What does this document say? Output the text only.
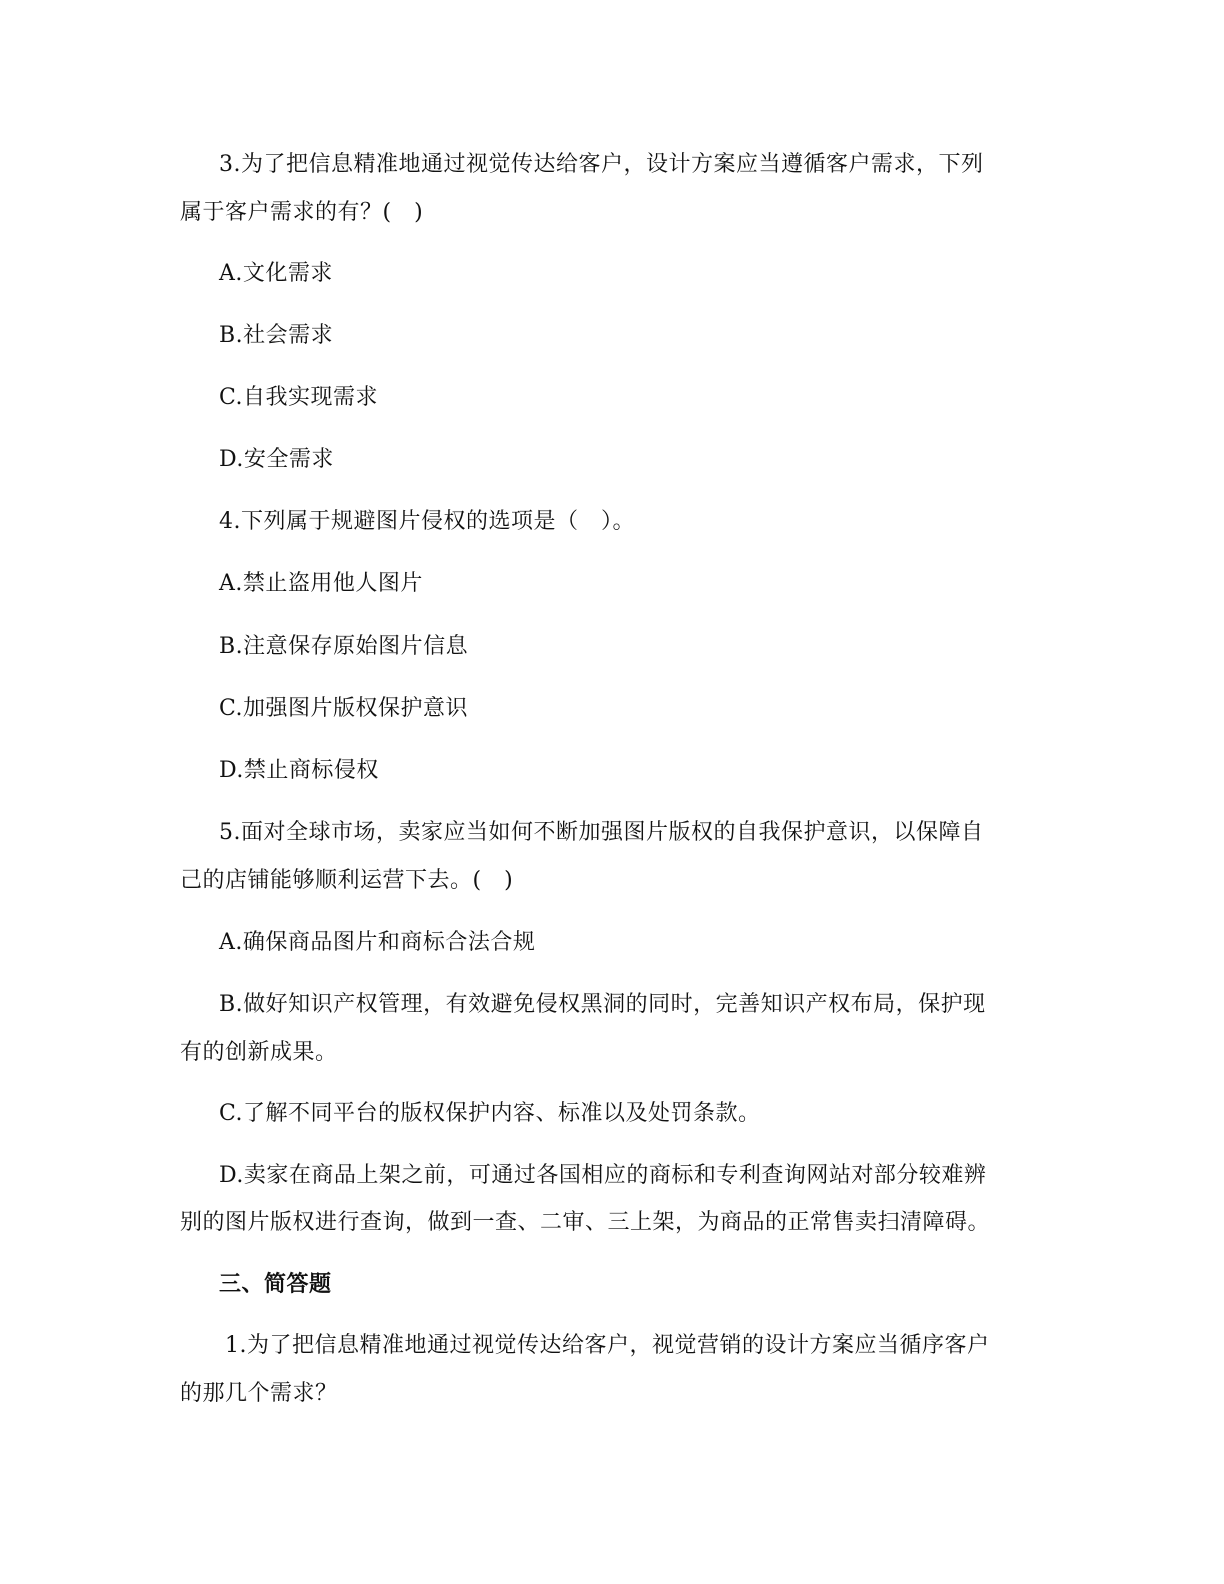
3.为了把信息精准地通过视觉传达给客户，设计方案应当遵循客户需求，下列
属于客户需求的有？(　)
A.文化需求
B.社会需求
C.自我实现需求
D.安全需求
4.下列属于规避图片侵权的选项是（　）。
A.禁止盗用他人图片
B.注意保存原始图片信息
C.加强图片版权保护意识
D.禁止商标侵权
5.面对全球市场，卖家应当如何不断加强图片版权的自我保护意识，以保障自
己的店铺能够顺利运营下去。(　)
A.确保商品图片和商标合法合规
B.做好知识产权管理，有效避免侵权黑洞的同时，完善知识产权布局，保护现
有的创新成果。
C.了解不同平台的版权保护内容、标准以及处罚条款。
D.卖家在商品上架之前，可通过各国相应的商标和专利查询网站对部分较难辨
别的图片版权进行查询，做到一查、二审、三上架，为商品的正常售卖扫清障碍。
三、简答题
1.为了把信息精准地通过视觉传达给客户，视觉营销的设计方案应当循序客户
的那几个需求？
